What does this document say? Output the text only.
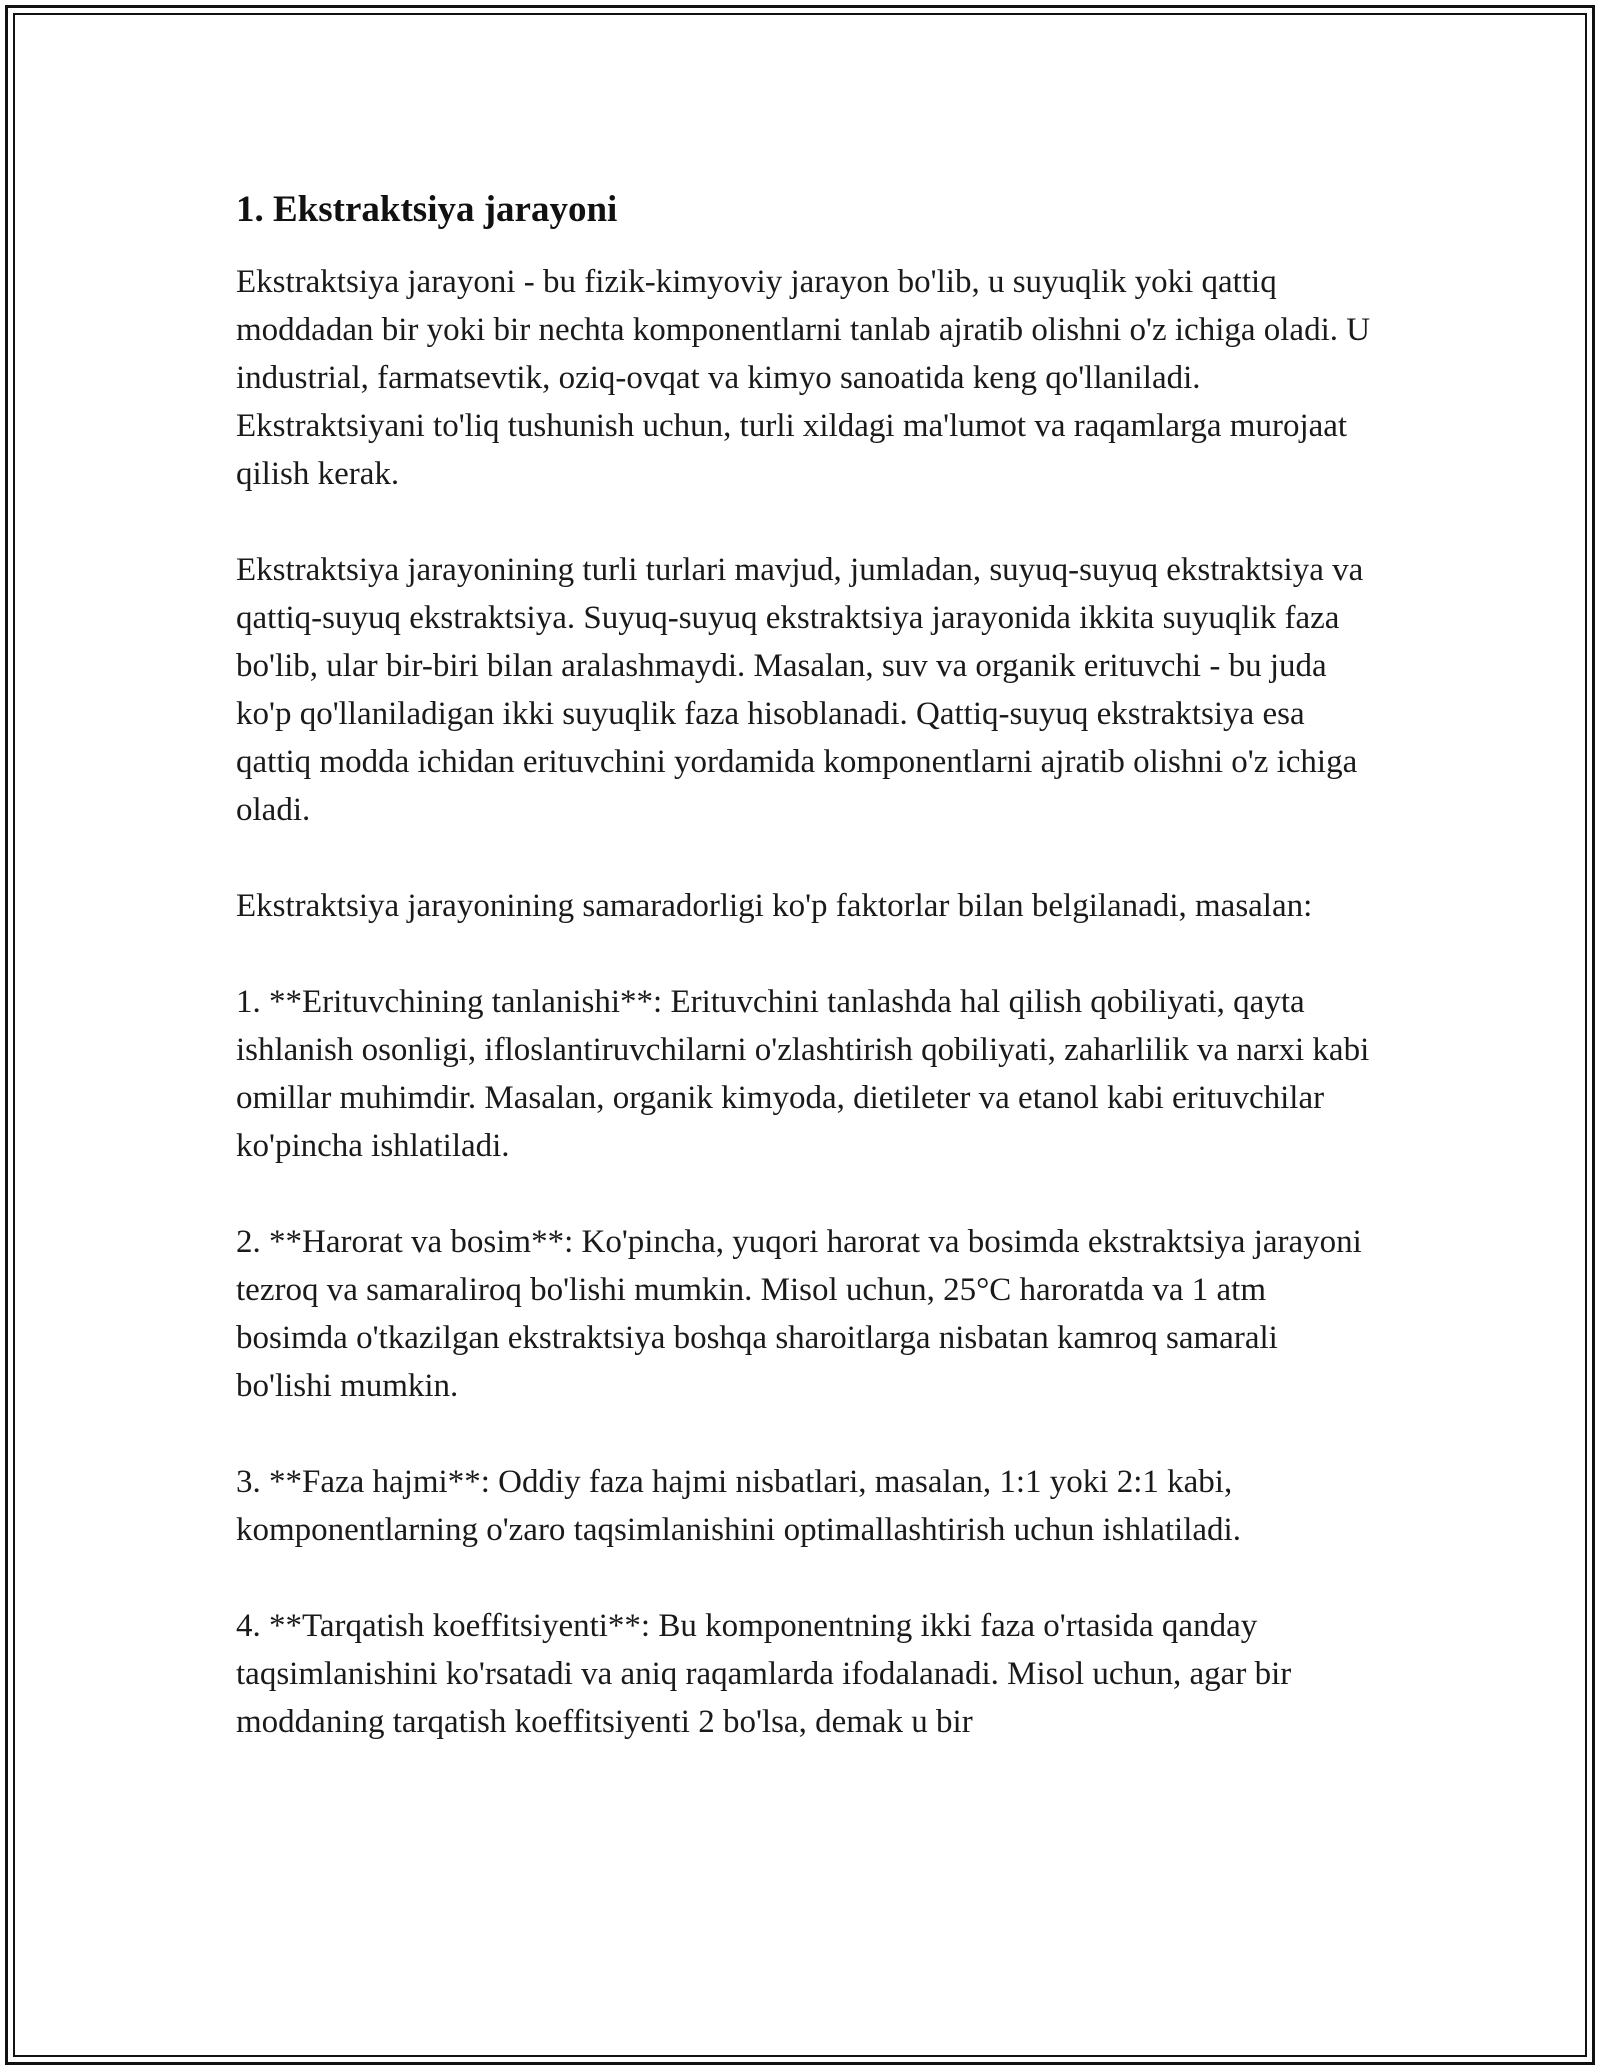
1. Ekstraktsiya jarayoni

Ekstraktsiya jarayoni - bu fizik-kimyoviy jarayon bo'lib, u suyuqlik yoki qattiq moddadan bir yoki bir nechta komponentlarni tanlab ajratib olishni o'z ichiga oladi. U industrial, farmatsevtik, oziq-ovqat va kimyo sanoatida keng qo'llaniladi. Ekstraktsiyani to'liq tushunish uchun, turli xildagi ma'lumot va raqamlarga murojaat qilish kerak.

Ekstraktsiya jarayonining turli turlari mavjud, jumladan, suyuq-suyuq ekstraktsiya va qattiq-suyuq ekstraktsiya. Suyuq-suyuq ekstraktsiya jarayonida ikkita suyuqlik faza bo'lib, ular bir-biri bilan aralashmaydi. Masalan, suv va organik erituvchi - bu juda ko'p qo'llaniladigan ikki suyuqlik faza hisoblanadi. Qattiq-suyuq ekstraktsiya esa qattiq modda ichidan erituvchini yordamida komponentlarni ajratib olishni o'z ichiga oladi.

Ekstraktsiya jarayonining samaradorligi ko'p faktorlar bilan belgilanadi, masalan:

1. **Erituvchining tanlanishi**: Erituvchini tanlashda hal qilish qobiliyati, qayta ishlanish osonligi, ifloslantiruvchilarni o'zlashtirish qobiliyati, zaharlilik va narxi kabi omillar muhimdir. Masalan, organik kimyoda, dietileter va etanol kabi erituvchilar ko'pincha ishlatiladi.

2. **Harorat va bosim**: Ko'pincha, yuqori harorat va bosimda ekstraktsiya jarayoni tezroq va samaraliroq bo'lishi mumkin. Misol uchun, 25°C haroratda va 1 atm bosimda o'tkazilgan ekstraktsiya boshqa sharoitlarga nisbatan kamroq samarali bo'lishi mumkin.

3. **Faza hajmi**: Oddiy faza hajmi nisbatlari, masalan, 1:1 yoki 2:1 kabi, komponentlarning o'zaro taqsimlanishini optimallashtirish uchun ishlatiladi.

4. **Tarqatish koeffitsiyenti**: Bu komponentning ikki faza o'rtasida qanday taqsimlanishini ko'rsatadi va aniq raqamlarda ifodalanadi. Misol uchun, agar bir moddaning tarqatish koeffitsiyenti 2 bo'lsa, demak u bir
